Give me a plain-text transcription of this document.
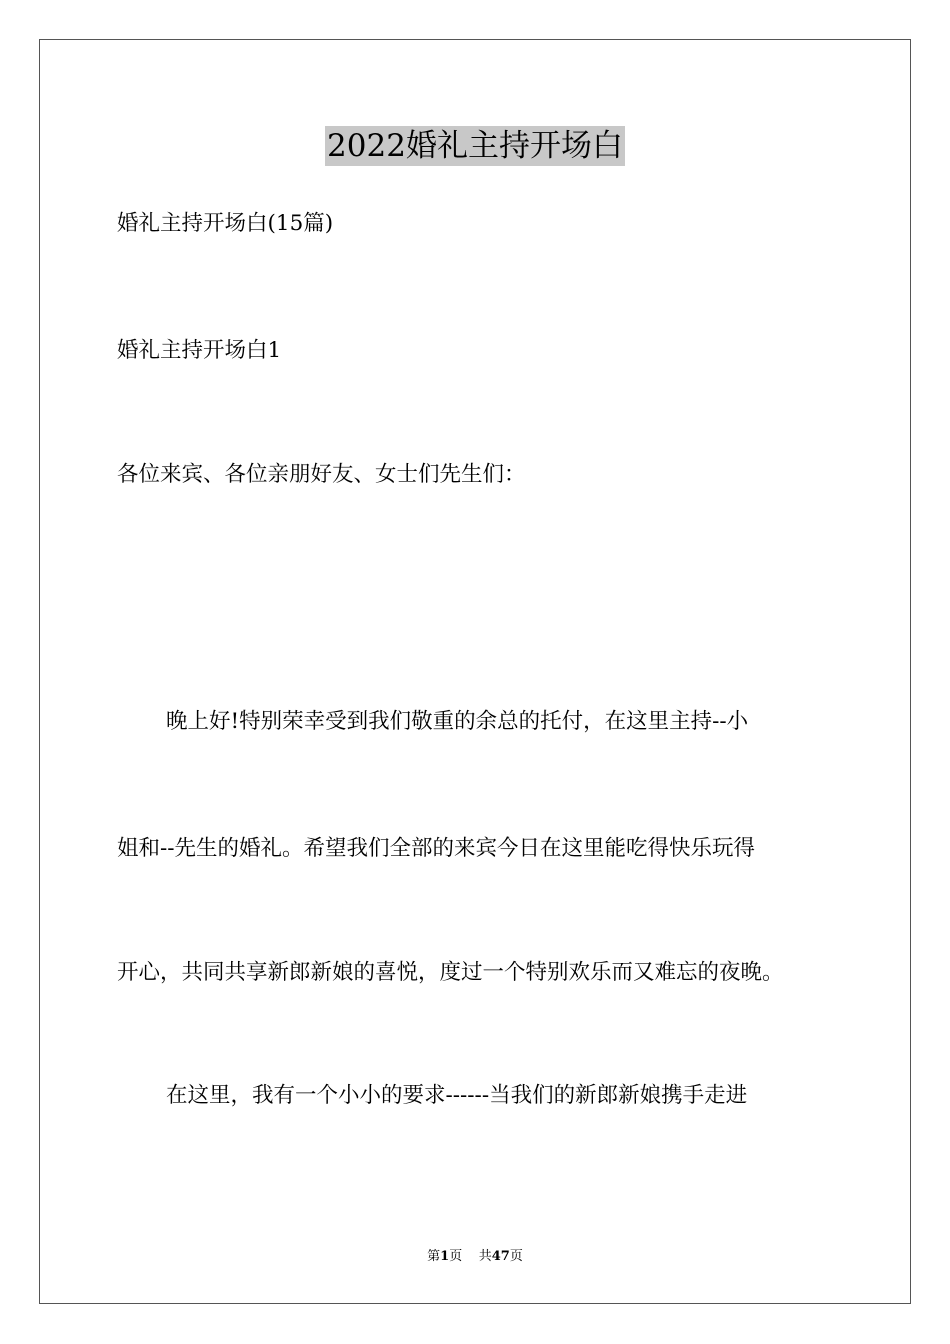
2022婚礼主持开场白
婚礼主持开场白(15篇)
婚礼主持开场白1
各位来宾、各位亲朋好友、女士们先生们：
晚上好!特别荣幸受到我们敬重的余总的托付，在这里主持--小
姐和--先生的婚礼。希望我们全部的来宾今日在这里能吃得快乐玩得
开心，共同共享新郎新娘的喜悦，度过一个特别欢乐而又难忘的夜晚。
在这里，我有一个小小的要求------当我们的新郎新娘携手走进
第1页 共47页
